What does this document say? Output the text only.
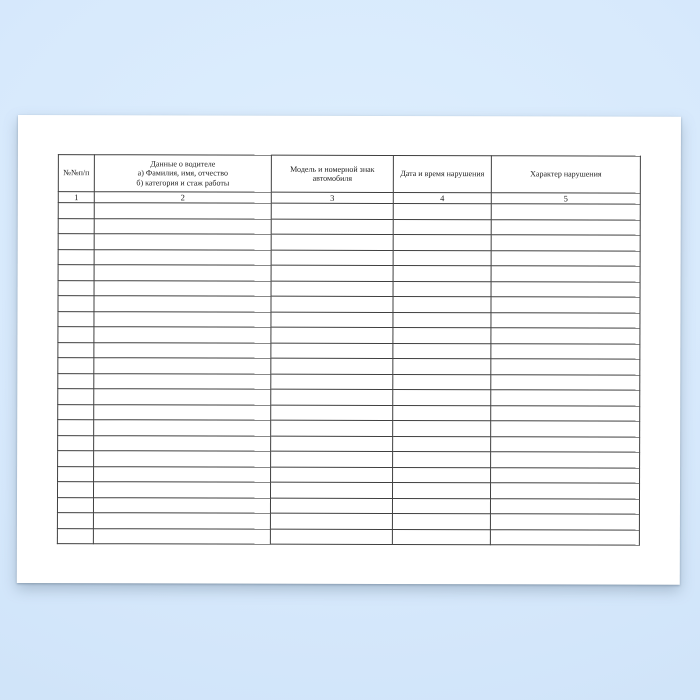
№№п/п	Данные о водителе
а) Фамилия, имя, отчество
б) категория и стаж работы	Модель и номерной знак
автомобиля	Дата и время нарушения	Характер нарушения

1	2	3	4	5
